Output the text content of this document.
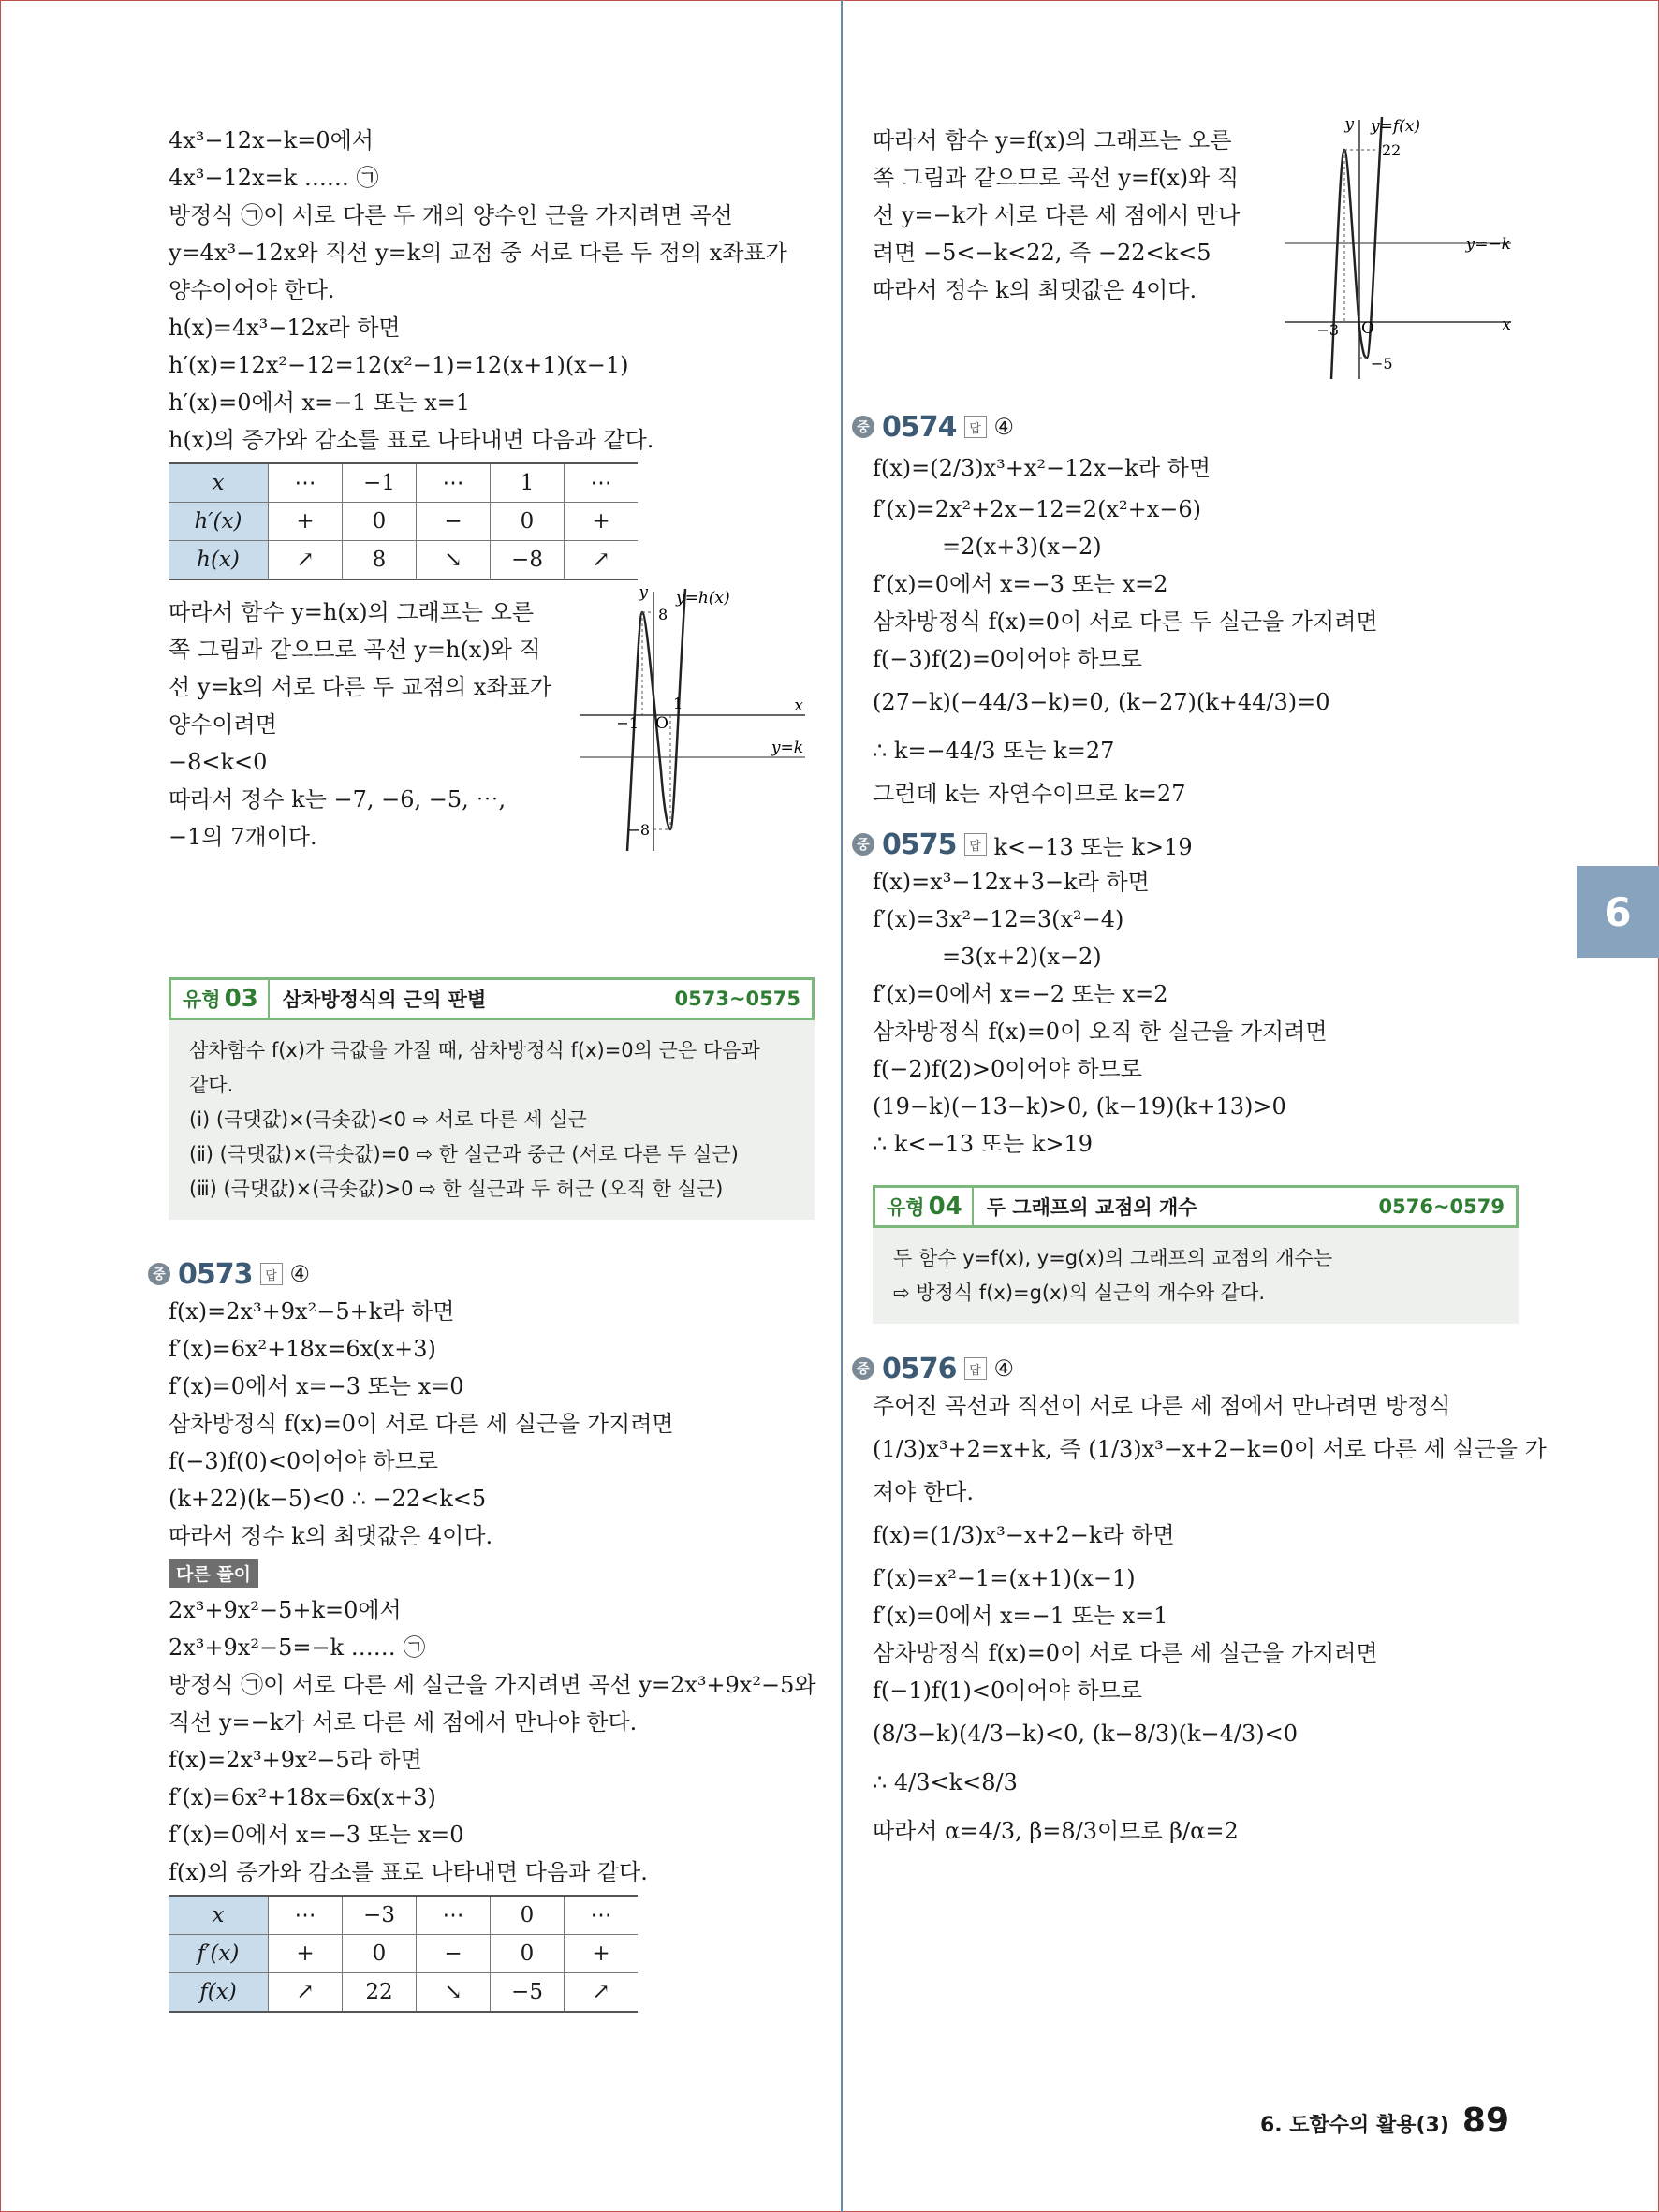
4x³−12x−k=0에서
4x³−12x=k …… ㉠
방정식 ㉠이 서로 다른 두 개의 양수인 근을 가지려면 곡선
y=4x³−12x와 직선 y=k의 교점 중 서로 다른 두 점의 x좌표가
양수이어야 한다.
h(x)=4x³−12x라 하면
h′(x)=12x²−12=12(x²−1)=12(x+1)(x−1)
h′(x)=0에서 x=−1 또는 x=1
h(x)의 증가와 감소를 표로 나타내면 다음과 같다.
x	⋯	−1	⋯	1	⋯
h′(x)	+	0	−	0	+
h(x)	↗	8	↘	−8	↗
따라서 함수 y=h(x)의 그래프는 오른
쪽 그림과 같으므로 곡선 y=h(x)와 직
선 y=k의 서로 다른 두 교점의 x좌표가
양수이려면
−8<k<0
따라서 정수 k는 −7, −6, −5, ⋯,
−1의 7개이다.
y y=h(x)
x
O
8
1
−1
−8
y=k
유형 03	삼차방정식의 근의 판별	0573~0575
삼차함수 f(x)가 극값을 가질 때, 삼차방정식 f(x)=0의 근은 다음과
같다.
(ⅰ) (극댓값)×(극솟값)<0 ⇨ 서로 다른 세 실근
(ⅱ) (극댓값)×(극솟값)=0 ⇨ 한 실근과 중근 (서로 다른 두 실근)
(ⅲ) (극댓값)×(극솟값)>0 ⇨ 한 실근과 두 허근 (오직 한 실근)
중 0573	답 ④
f(x)=2x³+9x²−5+k라 하면
f′(x)=6x²+18x=6x(x+3)
f′(x)=0에서 x=−3 또는 x=0
삼차방정식 f(x)=0이 서로 다른 세 실근을 가지려면
f(−3)f(0)<0이어야 하므로
(k+22)(k−5)<0 ∴ −22<k<5
따라서 정수 k의 최댓값은 4이다.
다른 풀이
2x³+9x²−5+k=0에서
2x³+9x²−5=−k …… ㉠
방정식 ㉠이 서로 다른 세 실근을 가지려면 곡선 y=2x³+9x²−5와
직선 y=−k가 서로 다른 세 점에서 만나야 한다.
f(x)=2x³+9x²−5라 하면
f′(x)=6x²+18x=6x(x+3)
f′(x)=0에서 x=−3 또는 x=0
f(x)의 증가와 감소를 표로 나타내면 다음과 같다.
x	⋯	−3	⋯	0	⋯
f′(x)	+	0	−	0	+
f(x)	↗	22	↘	−5	↗
따라서 함수 y=f(x)의 그래프는 오른
쪽 그림과 같으므로 곡선 y=f(x)와 직
선 y=−k가 서로 다른 세 점에서 만나
려면 −5<−k<22, 즉 −22<k<5
따라서 정수 k의 최댓값은 4이다.
y y=f(x)
x
O
22
−3
−5
y=−k
중 0574	답 ④
f(x)=(2/3)x³+x²−12x−k라 하면
f′(x)=2x²+2x−12=2(x²+x−6)
=2(x+3)(x−2)
f′(x)=0에서 x=−3 또는 x=2
삼차방정식 f(x)=0이 서로 다른 두 실근을 가지려면
f(−3)f(2)=0이어야 하므로
(27−k)(−44/3−k)=0, (k−27)(k+44/3)=0
∴ k=−44/3 또는 k=27
그런데 k는 자연수이므로 k=27
중 0575	답 k<−13 또는 k>19
f(x)=x³−12x+3−k라 하면
f′(x)=3x²−12=3(x²−4)
=3(x+2)(x−2)
f′(x)=0에서 x=−2 또는 x=2
삼차방정식 f(x)=0이 오직 한 실근을 가지려면
f(−2)f(2)>0이어야 하므로
(19−k)(−13−k)>0, (k−19)(k+13)>0
∴ k<−13 또는 k>19
유형 04	두 그래프의 교점의 개수	0576~0579
두 함수 y=f(x), y=g(x)의 그래프의 교점의 개수는
⇨ 방정식 f(x)=g(x)의 실근의 개수와 같다.
중 0576	답 ④
주어진 곡선과 직선이 서로 다른 세 점에서 만나려면 방정식
(1/3)x³+2=x+k, 즉 (1/3)x³−x+2−k=0이 서로 다른 세 실근을 가
져야 한다.
f(x)=(1/3)x³−x+2−k라 하면
f′(x)=x²−1=(x+1)(x−1)
f′(x)=0에서 x=−1 또는 x=1
삼차방정식 f(x)=0이 서로 다른 세 실근을 가지려면
f(−1)f(1)<0이어야 하므로
(8/3−k)(4/3−k)<0, (k−8/3)(k−4/3)<0
∴ 4/3<k<8/3
따라서 α=4/3, β=8/3이므로 β/α=2
6
6. 도함수의 활용(3) 89
